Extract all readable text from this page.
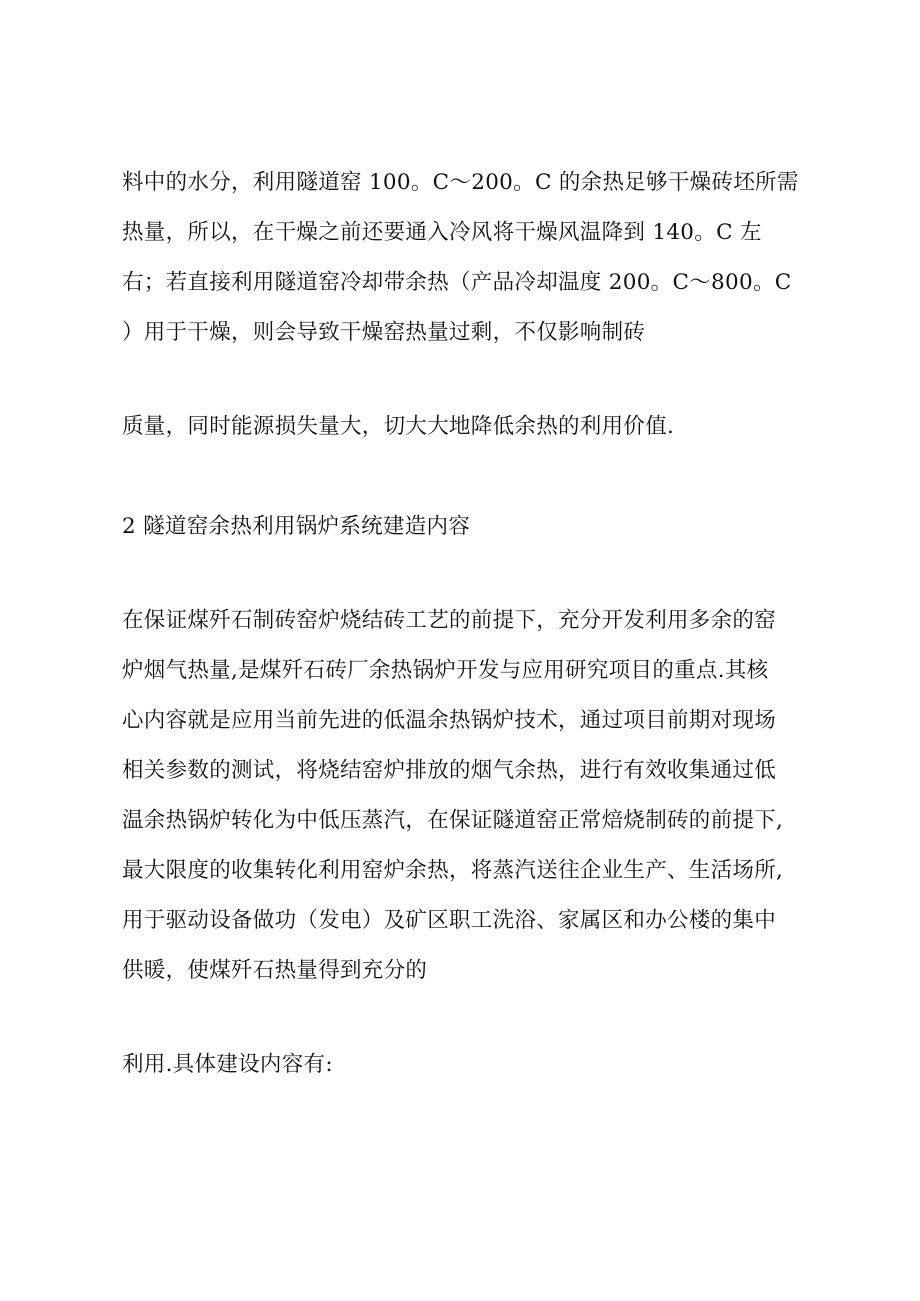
料中的水分，利用隧道窑 100。C～200。C 的余热足够干燥砖坯所需
热量，所以，在干燥之前还要通入冷风将干燥风温降到 140。C 左
右；若直接利用隧道窑冷却带余热（产品冷却温度 200。C～800。C
）用于干燥，则会导致干燥窑热量过剩，不仅影响制砖
质量，同时能源损失量大，切大大地降低余热的利用价值.
2 隧道窑余热利用锅炉系统建造内容
在保证煤歼石制砖窑炉烧结砖工艺的前提下，充分开发利用多余的窑
炉烟气热量,是煤歼石砖厂余热锅炉开发与应用研究项目的重点.其核
心内容就是应用当前先进的低温余热锅炉技术，通过项目前期对现场
相关参数的测试，将烧结窑炉排放的烟气余热，进行有效收集通过低
温余热锅炉转化为中低压蒸汽，在保证隧道窑正常焙烧制砖的前提下,
最大限度的收集转化利用窑炉余热，将蒸汽送往企业生产、生活场所,
用于驱动设备做功（发电）及矿区职工洗浴、家属区和办公楼的集中
供暖，使煤歼石热量得到充分的
利用.具体建设内容有:
